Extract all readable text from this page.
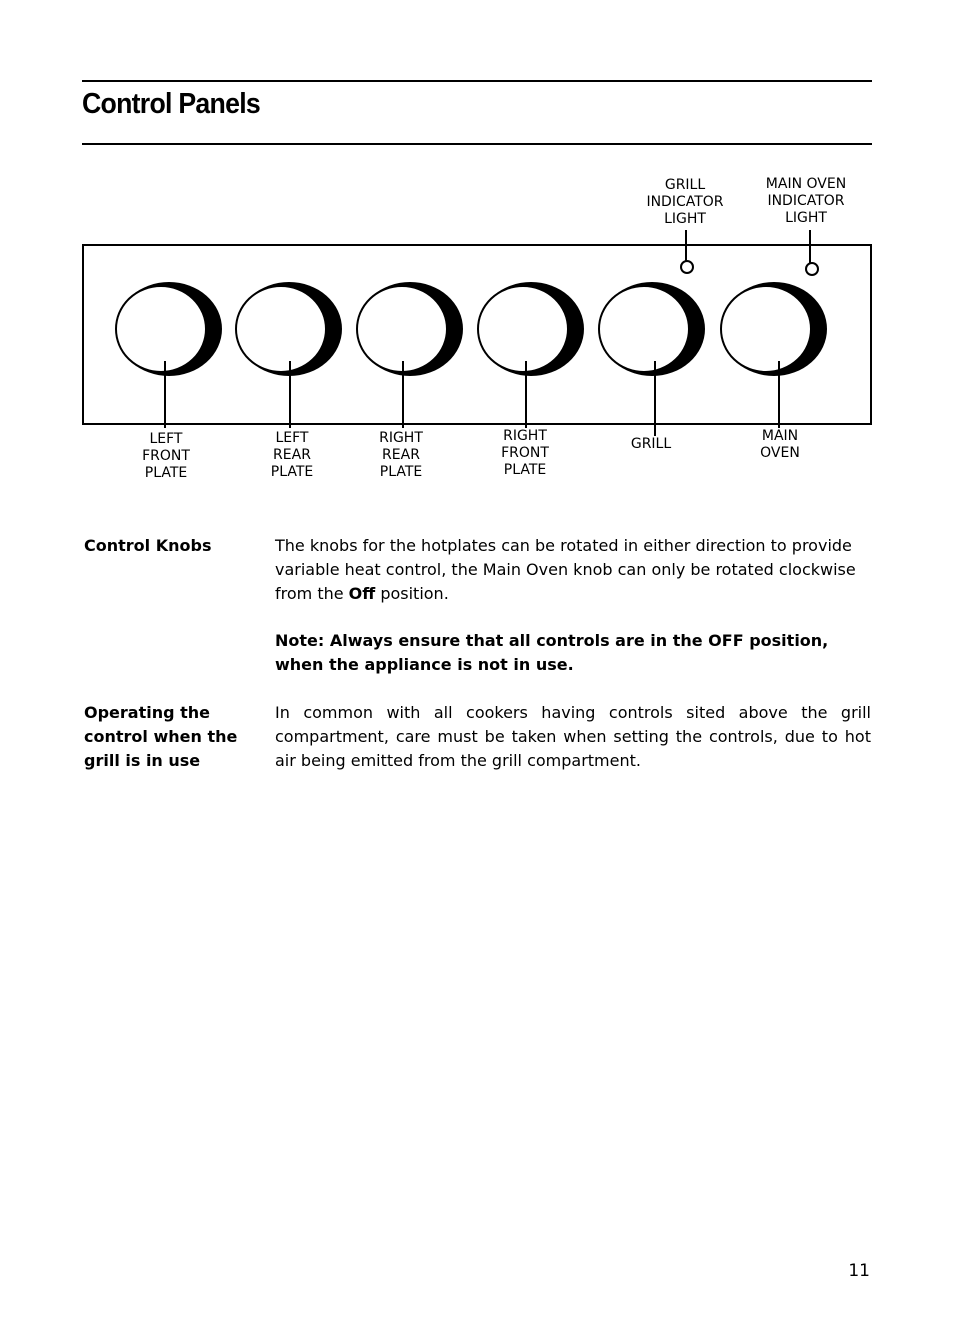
Control Panels
GRILL
INDICATOR
LIGHT
MAIN OVEN
INDICATOR
LIGHT
LEFT
FRONT
PLATE
LEFT
REAR
PLATE
RIGHT
REAR
PLATE
RIGHT
FRONT
PLATE
GRILL	MAIN
OVEN
Control Knobs	The knobs for the hotplates can be rotated in either direction to provide variable heat control, the Main Oven knob can only be rotated clockwise from the Off position.
Note: Always ensure that all controls are in the OFF position, when the appliance is not in use.
Operating the
control when the
grill is in use
In common with all cookers having controls sited above the grill compartment, care must be taken when setting the controls, due to hot air being emitted from the grill compartment.
11
